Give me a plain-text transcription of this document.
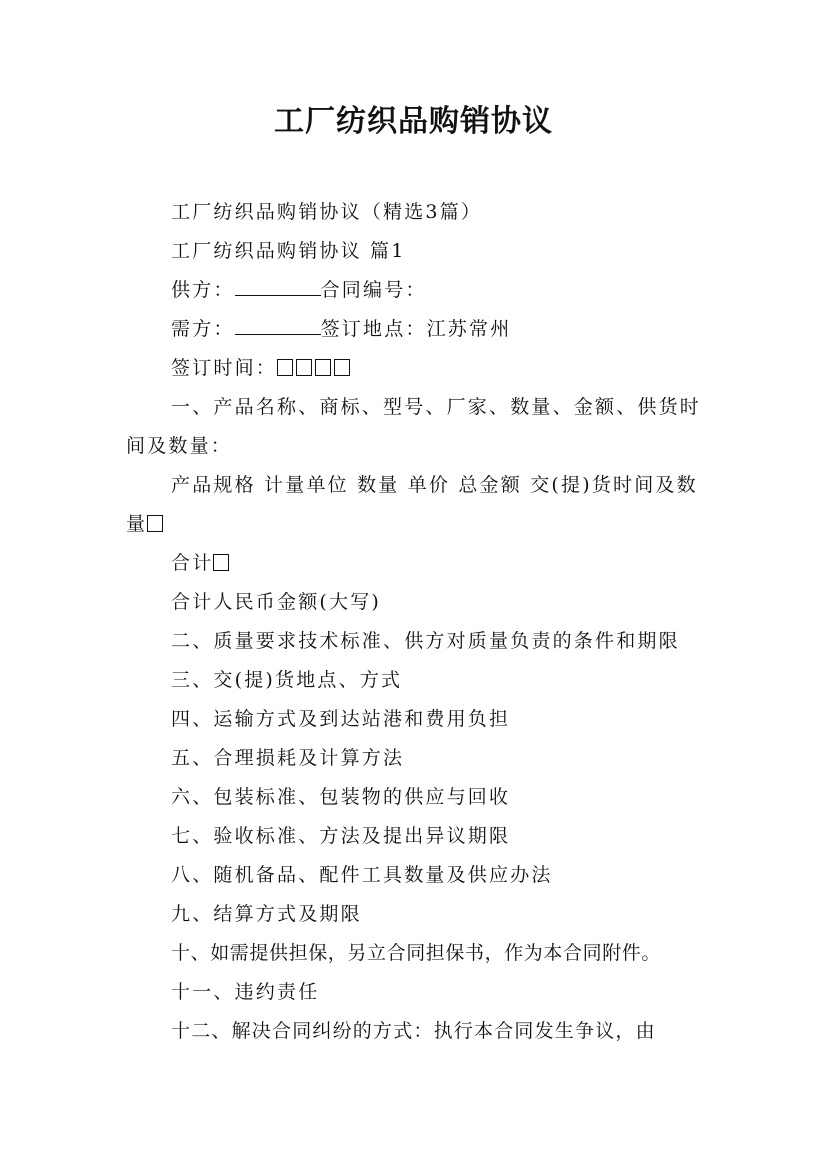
工厂纺织品购销协议

工厂纺织品购销协议（精选3篇）

工厂纺织品购销协议 篇1

供方：	合同编号：

需方：	签订地点：江苏常州

签订时间：

一、产品名称、商标、型号、厂家、数量、金额、供货时间及数量：

产品规格 计量单位 数量 单价 总金额 交(提)货时间及数量

合计

合计人民币金额(大写)

二、质量要求技术标准、供方对质量负责的条件和期限

三、交(提)货地点、方式

四、运输方式及到达站港和费用负担

五、合理损耗及计算方法

六、包装标准、包装物的供应与回收

七、验收标准、方法及提出异议期限

八、随机备品、配件工具数量及供应办法

九、结算方式及期限

十、如需提供担保，另立合同担保书，作为本合同附件。

十一、违约责任

十二、解决合同纠纷的方式：执行本合同发生争议，由
